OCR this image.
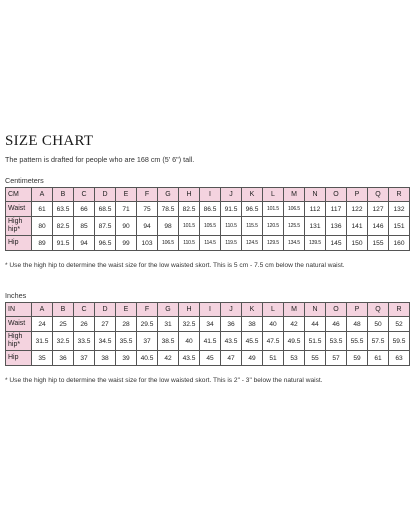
SIZE CHART
The pattern is drafted for people who are 168 cm (5' 6") tall.
Centimeters
CM	A	B	C	D	E	F	G	H	I	J	K	L	M	N	O	P	Q	R
Waist	61	63.5	66	68.5	71	75	78.5	82.5	86.5	91.5	96.5	101.5	106.5	112	117	122	127	132
High hip*	80	82.5	85	87.5	90	94	98	101.5	105.5	110.5	115.5	120.5	125.5	131	136	141	146	151
Hip	89	91.5	94	96.5	99	103	106.5	110.5	114.5	119.5	124.5	129.5	134.5	139.5	145	150	155	160
* Use the high hip to determine the waist size for the low waisted skort. This is 5 cm - 7.5 cm below the natural waist.
Inches
IN	A	B	C	D	E	F	G	H	I	J	K	L	M	N	O	P	Q	R
Waist	24	25	26	27	28	29.5	31	32.5	34	36	38	40	42	44	46	48	50	52
High hip*	31.5	32.5	33.5	34.5	35.5	37	38.5	40	41.5	43.5	45.5	47.5	49.5	51.5	53.5	55.5	57.5	59.5
Hip	35	36	37	38	39	40.5	42	43.5	45	47	49	51	53	55	57	59	61	63
* Use the high hip to determine the waist size for the low waisted skort. This is 2" - 3" below the natural waist.
